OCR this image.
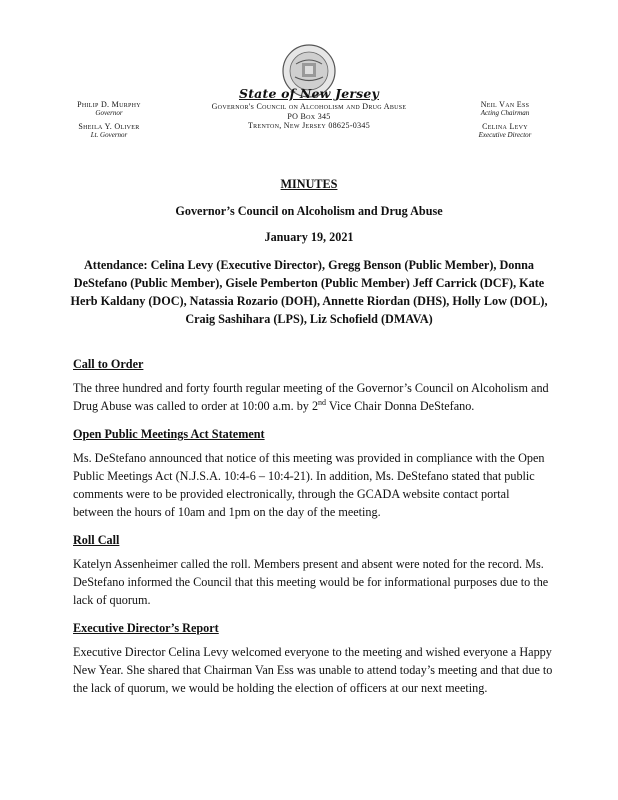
State of New Jersey
Governor's Council on Alcoholism and Drug Abuse
PO Box 345
Trenton, New Jersey 08625-0345
Philip D. Murphy
Governor
Sheila Y. Oliver
Lt. Governor
Neil Van Ess
Acting Chairman
Celina Levy
Executive Director
MINUTES
Governor’s Council on Alcoholism and Drug Abuse
January 19, 2021
Attendance: Celina Levy (Executive Director), Gregg Benson (Public Member), Donna DeStefano (Public Member), Gisele Pemberton (Public Member) Jeff Carrick (DCF), Kate Herb Kaldany (DOC), Natassia Rozario (DOH), Annette Riordan (DHS), Holly Low (DOL), Craig Sashihara (LPS), Liz Schofield (DMAVA)
Call to Order

The three hundred and forty fourth regular meeting of the Governor’s Council on Alcoholism and Drug Abuse was called to order at 10:00 a.m. by 2nd Vice Chair Donna DeStefano.

Open Public Meetings Act Statement

Ms. DeStefano announced that notice of this meeting was provided in compliance with the Open Public Meetings Act (N.J.S.A. 10:4-6 – 10:4-21). In addition, Ms. DeStefano stated that public comments were to be provided electronically, through the GCADA website contact portal between the hours of 10am and 1pm on the day of the meeting.

Roll Call

Katelyn Assenheimer called the roll. Members present and absent were noted for the record. Ms. DeStefano informed the Council that this meeting would be for informational purposes due to the lack of quorum.

Executive Director’s Report

Executive Director Celina Levy welcomed everyone to the meeting and wished everyone a Happy New Year. She shared that Chairman Van Ess was unable to attend today’s meeting and that due to the lack of quorum, we would be holding the election of officers at our next meeting.
